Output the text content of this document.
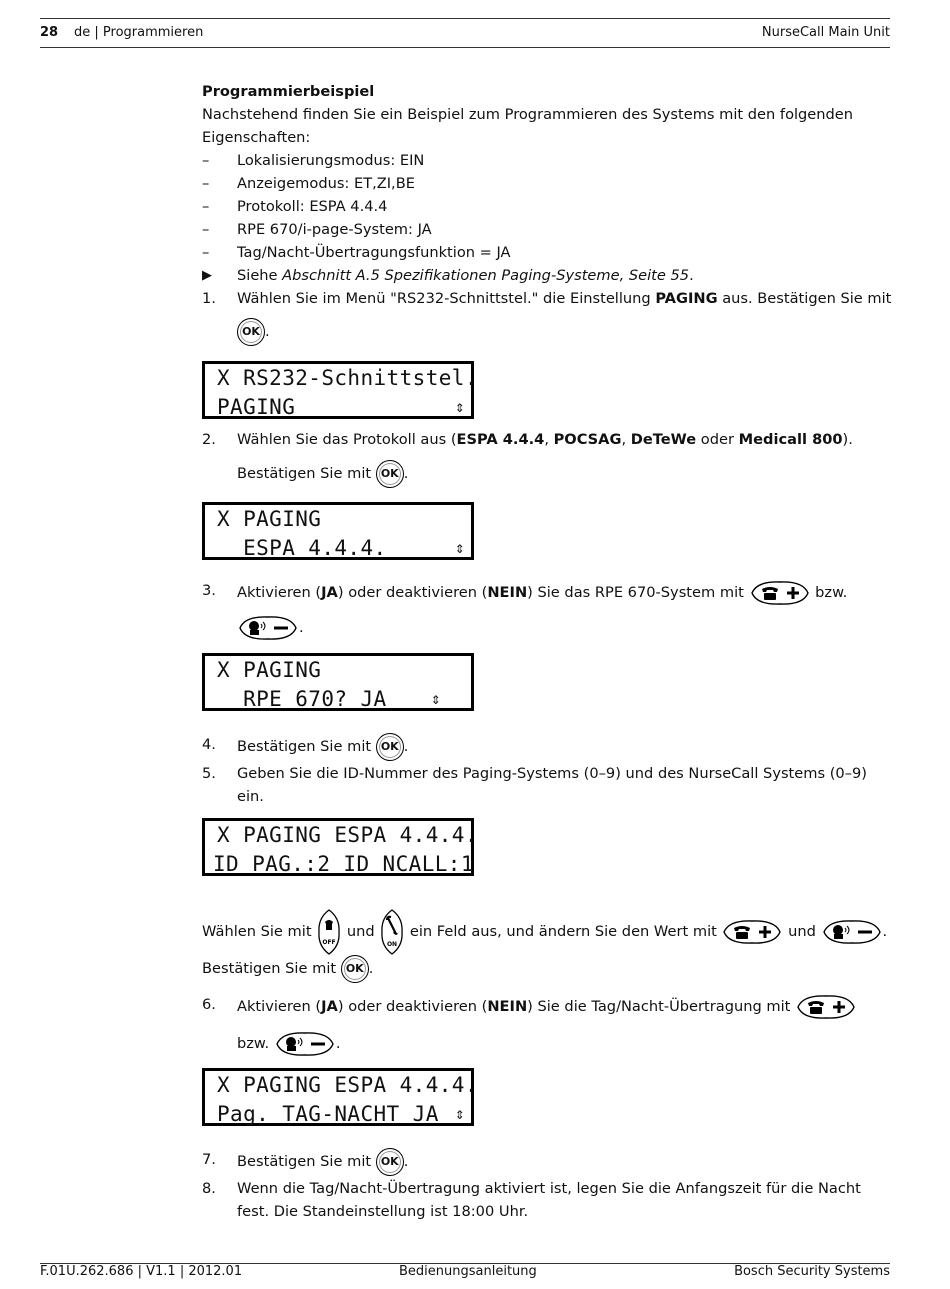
28 de | Programmieren	NurseCall Main Unit
Programmierbeispiel
Nachstehend finden Sie ein Beispiel zum Programmieren des Systems mit den folgenden
Eigenschaften:
–	Lokalisierungsmodus: EIN
–	Anzeigemodus: ET,ZI,BE
–	Protokoll: ESPA 4.4.4
–	RPE 670/i-page-System: JA
–	Tag/Nacht-Übertragungsfunktion = JA
▶	Siehe Abschnitt A.5 Spezifikationen Paging-Systeme, Seite 55.
1.	Wählen Sie im Menü "RS232-Schnittstel." die Einstellung PAGING aus. Bestätigen Sie mit
OK .
X RS232-Schnittstel.
PAGING	⇕
2.	Wählen Sie das Protokoll aus (ESPA 4.4.4, POCSAG, DeTeWe oder Medicall 800).
Bestätigen Sie mit OK .
X PAGING
ESPA 4.4.4.	⇕
3.	Aktivieren (JA) oder deaktivieren (NEIN) Sie das RPE 670-System mit	bzw.
.
X PAGING
RPE 670? JA	⇕
4.	Bestätigen Sie mit OK .
5.	Geben Sie die ID-Nummer des Paging-Systems (0–9) und des NurseCall Systems (0–9)
ein.
X PAGING ESPA 4.4.4.
ID PAG.:2 ID NCALL:1
Wählen Sie mit
OFF
und
ON
ein Feld aus, und ändern Sie den Wert mit	und	.
Bestätigen Sie mit OK .
6.	Aktivieren (JA) oder deaktivieren (NEIN) Sie die Tag/Nacht-Übertragung mit
bzw.	.
X PAGING ESPA 4.4.4.
Pag. TAG-NACHT JA ⇕
7.	Bestätigen Sie mit OK .
8.	Wenn die Tag/Nacht-Übertragung aktiviert ist, legen Sie die Anfangszeit für die Nacht
fest. Die Standeinstellung ist 18:00 Uhr.
F.01U.262.686 | V1.1 | 2012.01	Bedienungsanleitung	Bosch Security Systems
